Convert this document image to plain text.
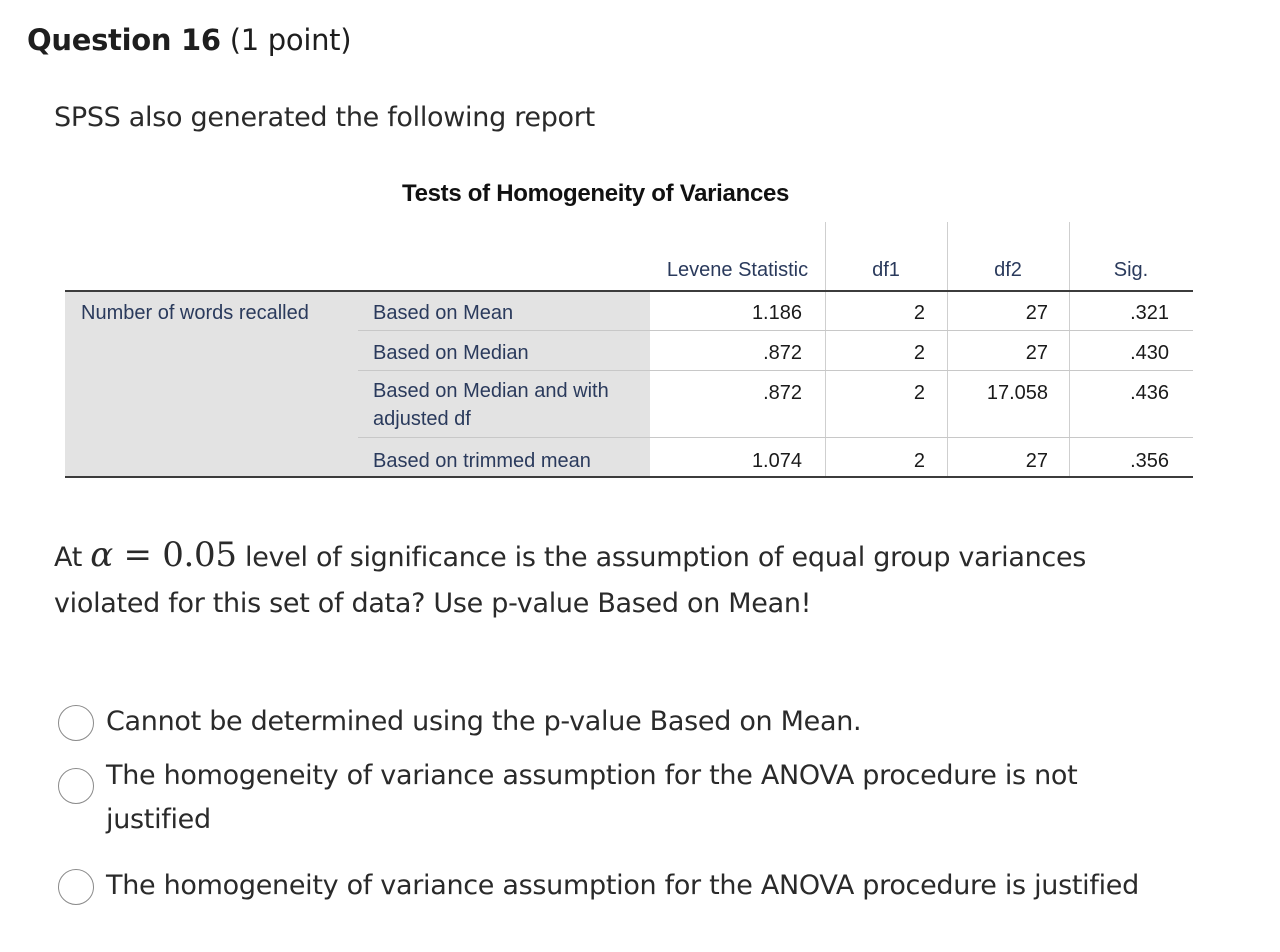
Question 16 (1 point)
SPSS also generated the following report
Tests of Homogeneity of Variances
Levene Statistic	df1	df2	Sig.
Number of words recalled	Based on Mean	1.186	2	27	.321
Based on Median	.872	2	27	.430
Based on Median and with
adjusted df
.872	2	17.058	.436
Based on trimmed mean	1.074	2	27	.356
At α = 0.05 level of significance is the assumption of equal group variances violated for this set of data? Use p-value Based on Mean!
Cannot be determined using the p-value Based on Mean.
The homogeneity of variance assumption for the ANOVA procedure is not
justified
The homogeneity of variance assumption for the ANOVA procedure is justified
